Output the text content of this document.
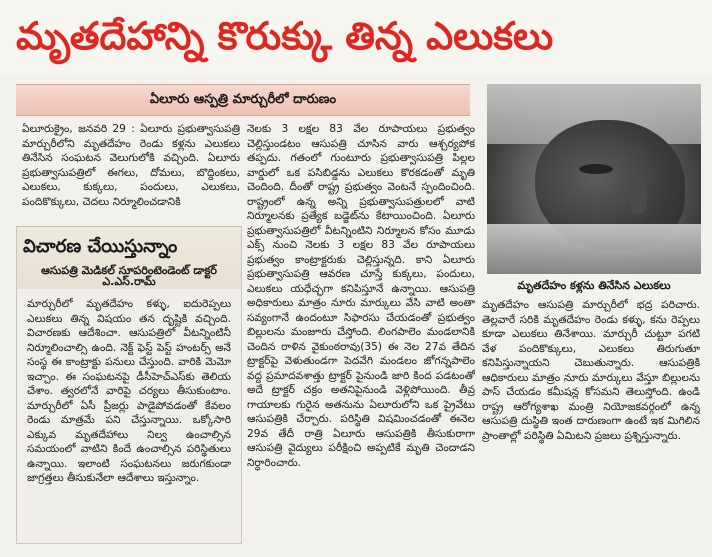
మృతదేహాన్ని కొరుక్కు తిన్న ఎలుకలు
ఏలూరు ఆస్పత్రి మార్చురీలో దారుణం
ఏలూరుక్రైం, జనవరి 29 : ఏలూరు ప్రభుత్వాసుపత్రి మార్చురీలోని మృతదేహం రెండు కళ్లను ఎలుకలు తినేసిన సంఘటన వెలుగులోకి వచ్చింది. ఏలూరు ప్రభుత్వాసుపత్రిలో ఈగలు, దోమలు, బొద్దింకలు, ఎలుకలు, కుక్కలు, పందులు, ఎలుకలు, పందికొక్కులు, చెదలు నిర్మూలించడానికి
విచారణ చేయిస్తున్నాం
ఆసుపత్రి మెడికల్ సూపరింటెండెంట్ డాక్టర్ ఎ.ఎస్.రామ్
మార్చురీలో మృతదేహం కళ్ళు, ఐదురెప్పలు ఎలుకలు తిన్న విషయం తన దృష్టికి వచ్చింది. విచారణకు ఆదేశించా. ఆసుపత్రిలో వీటన్నింటినీ నిర్మూలించాల్సి ఉంది. నెక్ట్ ఫెస్ట్ పెస్ట్ హంటర్స్ అనే సంస్థ ఈ కాంట్రాక్టు పనులు చేస్తుంది. వారికి మెమో ఇచ్చాం. ఈ సంఘటనపై డీసీహెచ్‌ఎస్‌కు తెలియ చేశాం. త్వరలోనే వారిపై చర్యలు తీసుకుంటాం. మార్చురీలో ఏసీ ప్రీజర్లు పాడైపోవడంతో కేవలం రెండు మాత్రమే పని చేస్తున్నాయి. ఒక్కోసారి ఎక్కువ మృతదేహాలు నిల్వ ఉంచాల్సిన సమయంలో వాటిని కిందే ఉంచాల్సిన పరిస్థితులు ఉన్నాయి. ఇలాంటి సంఘటనలు జరుగకుండా జాగ్రత్తలు తీసుకునేలా ఆదేశాలు ఇస్తున్నాం.
నెలకు 3 లక్షల 83 వేల రూపాయలు ప్రభుత్వం చెల్లిస్తుండటం ఆసుపత్రి చూసిన వారు ఆశ్చర్యపోక తప్పదు. గతంలో గుంటూరు ప్రభుత్వాసుపత్రి పిల్లల వార్డులో ఒక పసిబిడ్డను ఎలుకలు కొరకడంతో మృతి చెందింది. దీంతో రాష్ట్ర ప్రభుత్వం వెంటనే స్పందించింది. రాష్ట్రంలో ఉన్న అన్ని ప్రభుత్వాసుపత్రులలో వాటి నిర్మూలనకు ప్రత్యేక బడ్జెట్‌ను కేటాయించింది. ఏలూరు ప్రభుత్వాసుపత్రిలో వీటన్నింటిని నిర్మూలన కోసం మూడు ఎక్స్ నుంచి నెలకు 3 లక్షల 83 వేల రూపాయలు ప్రభుత్వం కాంట్రాక్టరుకు చెల్లిస్తున్నది. కాని ఏలూరు ప్రభుత్వాసుపత్రి ఆవరణ చూస్తే కుక్కలు, పందులు, ఎలుకలు యధేచ్ఛగా కనిపిస్తూనే ఉన్నాయి. ఆసుపత్రి అధికారులు మాత్రం నూరు మార్కులు వేసి వాటి అంతా సవ్యంగానే ఉందంటూ సిఫారసు చేయడంతో ప్రభుత్వం బిల్లులను మంజూరు చేస్తోంది. లింగపాలెం మండలానికి చెందిన రాళిన వైకుంఠరావు(35) ఈ నెల 27వ తేదిన ట్రాక్టర్‌పై వెళుతుండగా పెదవేగి మండలం జోగన్నపాలెం వద్ద ప్రమాదవశాత్తు ట్రాక్టర్ పైనుండి జారి కింద పడటంతో అదే ట్రాక్టర్ చక్రం అతనిపైనుండి వెళ్లిపోయింది. తీవ్ర గాయాలకు గురైన అతనును ఏలూరులోని ఒక ప్రైవేటు ఆసుపత్రికి చేర్చారు. పరిస్థితి విషమించడంతో ఈనెల 29వ తేదీ రాత్రి ఏలూరు ఆసుపత్రికి తీసుకురాగా ఆసుపత్రి వైద్యులు పరీక్షించి అప్పటికే మృతి చెందాడని నిర్ధారించారు.
మృతదేహం కళ్లను తినేసిన ఎలుకలు
మృతదేహం ఆసుపత్రి మార్చురీలో భద్ర పరిచారు. తెల్లవారే సరికి మృతదేహం రెండు కళ్ళు, కను రెప్పలు కూడా ఎలుకలు తినేశాయి. మార్చురీ చుట్టూ పగటి వేళ పందికొక్కులు, ఎలుకలు తిరుగుతూ కనిపిస్తున్నాయని చెబుతున్నారు. ఆసుపత్రికి ఆధికారులు మాత్రం నూరు మార్కులు వేస్తూ బిల్లులను పాస్ చేయడం కమీషన్ల కోసమని తెలుస్తోంది. ఉండి రాష్ట్ర ఆరోగ్యశాఖ మంత్రి నియోజకవర్గంలో ఉన్న ఆసుపత్రి దుస్థితి ఇంత దారుణంగా ఉంటే ఇక మిగిలిన ప్రాంతాల్లో పరిస్థితి ఏమిటని ప్రజలు ప్రశ్నిస్తున్నారు.
